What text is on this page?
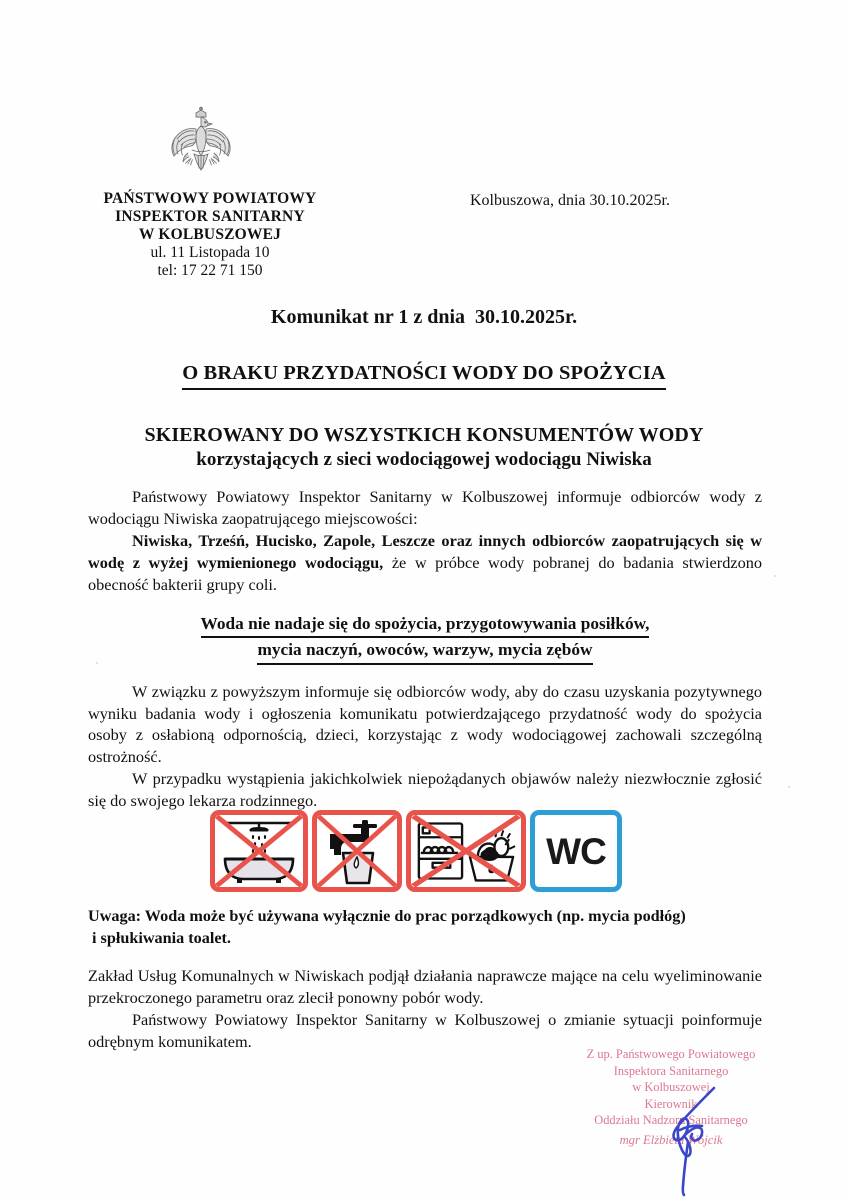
PAŃSTWOWY POWIATOWY
INSPEKTOR SANITARNY
W KOLBUSZOWEJ
ul. 11 Listopada 10
tel: 17 22 71 150
Kolbuszowa, dnia 30.10.2025r.
Komunikat nr 1 z dnia  30.10.2025r.
O BRAKU PRZYDATNOŚCI WODY DO SPOŻYCIA
SKIEROWANY DO WSZYSTKICH KONSUMENTÓW WODY
korzystających z sieci wodociągowej wodociągu Niwiska

Państwowy Powiatowy Inspektor Sanitarny w Kolbuszowej informuje odbiorców wody z wodociągu Niwiska zaopatrującego miejscowości:

Niwiska, Trześń, Hucisko, Zapole, Leszcze oraz innych odbiorców zaopatrujących się w wodę z wyżej wymienionego wodociągu, że w próbce wody pobranej do badania stwierdzono obecność bakterii grupy coli.

Woda nie nadaje się do spożycia, przygotowywania posiłków,
mycia naczyń, owoców, warzyw, mycia zębów

W związku z powyższym informuje się odbiorców wody, aby do czasu uzyskania pozytywnego wyniku badania wody i ogłoszenia komunikatu potwierdzającego przydatność wody do spożycia osoby z osłabioną odpornością, dzieci, korzystając z wody wodociągowej zachowali szczególną ostrożność.

W przypadku wystąpienia jakichkolwiek niepożądanych objawów należy niezwłocznie zgłosić się do swojego lekarza rodzinnego.

WC

Uwaga: Woda może być używana wyłącznie do prac porządkowych (np. mycia podłóg)
i spłukiwania toalet.

Zakład Usług Komunalnych w Niwiskach podjął działania naprawcze mające na celu wyeliminowanie przekroczonego parametru oraz zlecił ponowny pobór wody.

Państwowy Powiatowy Inspektor Sanitarny w Kolbuszowej o zmianie sytuacji poinformuje odrębnym komunikatem.

Z up. Państwowego Powiatowego
Inspektora Sanitarnego
w Kolbuszowej
Kierownik
Oddziału Nadzoru Sanitarnego
mgr Elżbieta Wójcik
